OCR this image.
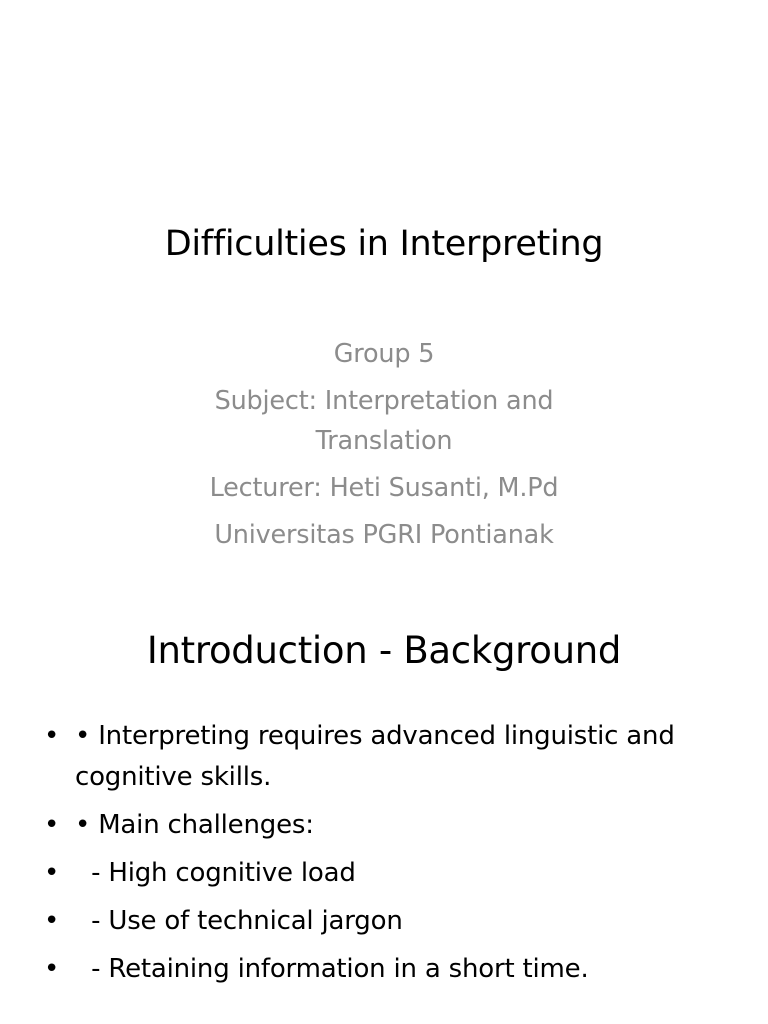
Difficulties in Interpreting
Group 5
Subject: Interpretation and Translation
Lecturer: Heti Susanti, M.Pd
Universitas PGRI Pontianak
Introduction - Background
• • Interpreting requires advanced linguistic and cognitive skills.
• • Main challenges:
• - High cognitive load
• - Use of technical jargon
• - Retaining information in a short time.
